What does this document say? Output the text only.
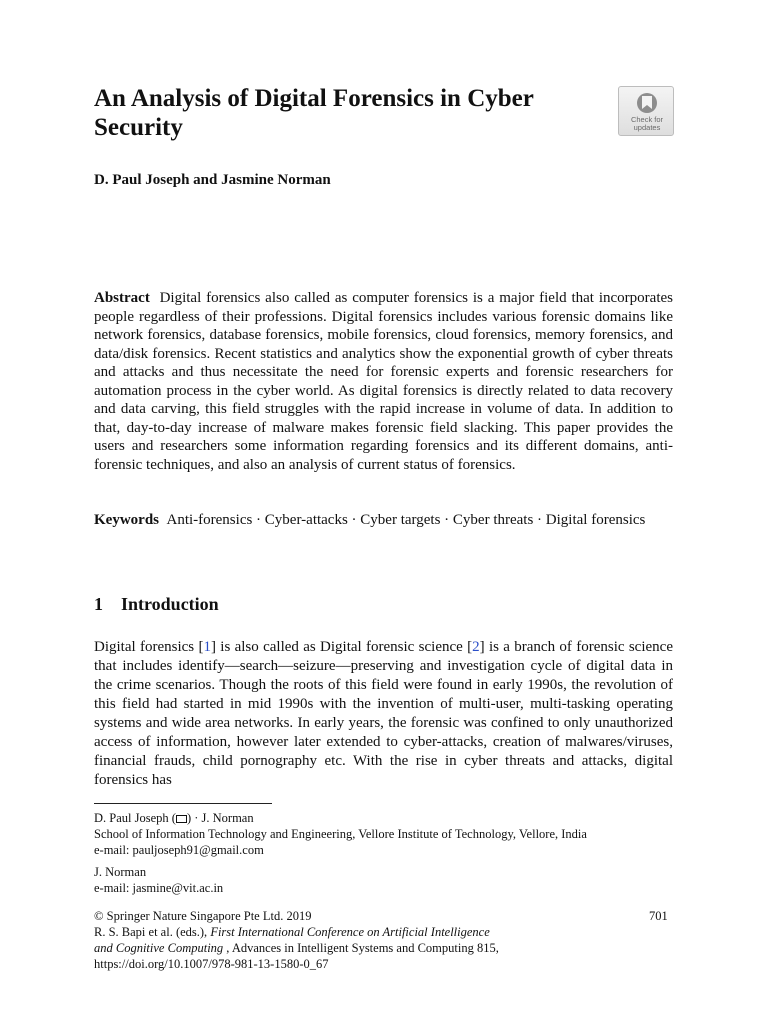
An Analysis of Digital Forensics in Cyber Security	Check for
updates

D. Paul Joseph and Jasmine Norman

Abstract Digital forensics also called as computer forensics is a major field that incorporates people regardless of their professions. Digital forensics includes various forensic domains like network forensics, database forensics, mobile forensics, cloud forensics, memory forensics, and data/disk forensics. Recent statistics and analytics show the exponential growth of cyber threats and attacks and thus necessitate the need for forensic experts and forensic researchers for automation process in the cyber world. As digital forensics is directly related to data recovery and data carving, this field struggles with the rapid increase in volume of data. In addition to that, day-to-day increase of malware makes forensic field slacking. This paper provides the users and researchers some information regarding forensics and its different domains, anti-forensic techniques, and also an analysis of current status of forensics.

Keywords Anti-forensics · Cyber-attacks · Cyber targets · Cyber threats · Digital forensics

1 Introduction

Digital forensics [1] is also called as Digital forensic science [2] is a branch of forensic science that includes identify—search—seizure—preserving and investigation cycle of digital data in the crime scenarios. Though the roots of this field were found in early 1990s, the revolution of this field had started in mid 1990s with the invention of multi-user, multi-tasking operating systems and wide area networks. In early years, the forensic was confined to only unauthorized access of information, however later extended to cyber-attacks, creation of malwares/viruses, financial frauds, child pornography etc. With the rise in cyber threats and attacks, digital forensics has

D. Paul Joseph ( ) · J. Norman
School of Information Technology and Engineering, Vellore Institute of Technology, Vellore, India
e-mail: pauljoseph91@gmail.com
J. Norman
e-mail: jasmine@vit.ac.in
© Springer Nature Singapore Pte Ltd. 2019
R. S. Bapi et al. (eds.), First International Conference on Artificial Intelligence
and Cognitive Computing , Advances in Intelligent Systems and Computing 815,
https://doi.org/10.1007/978-981-13-1580-0_67

701
